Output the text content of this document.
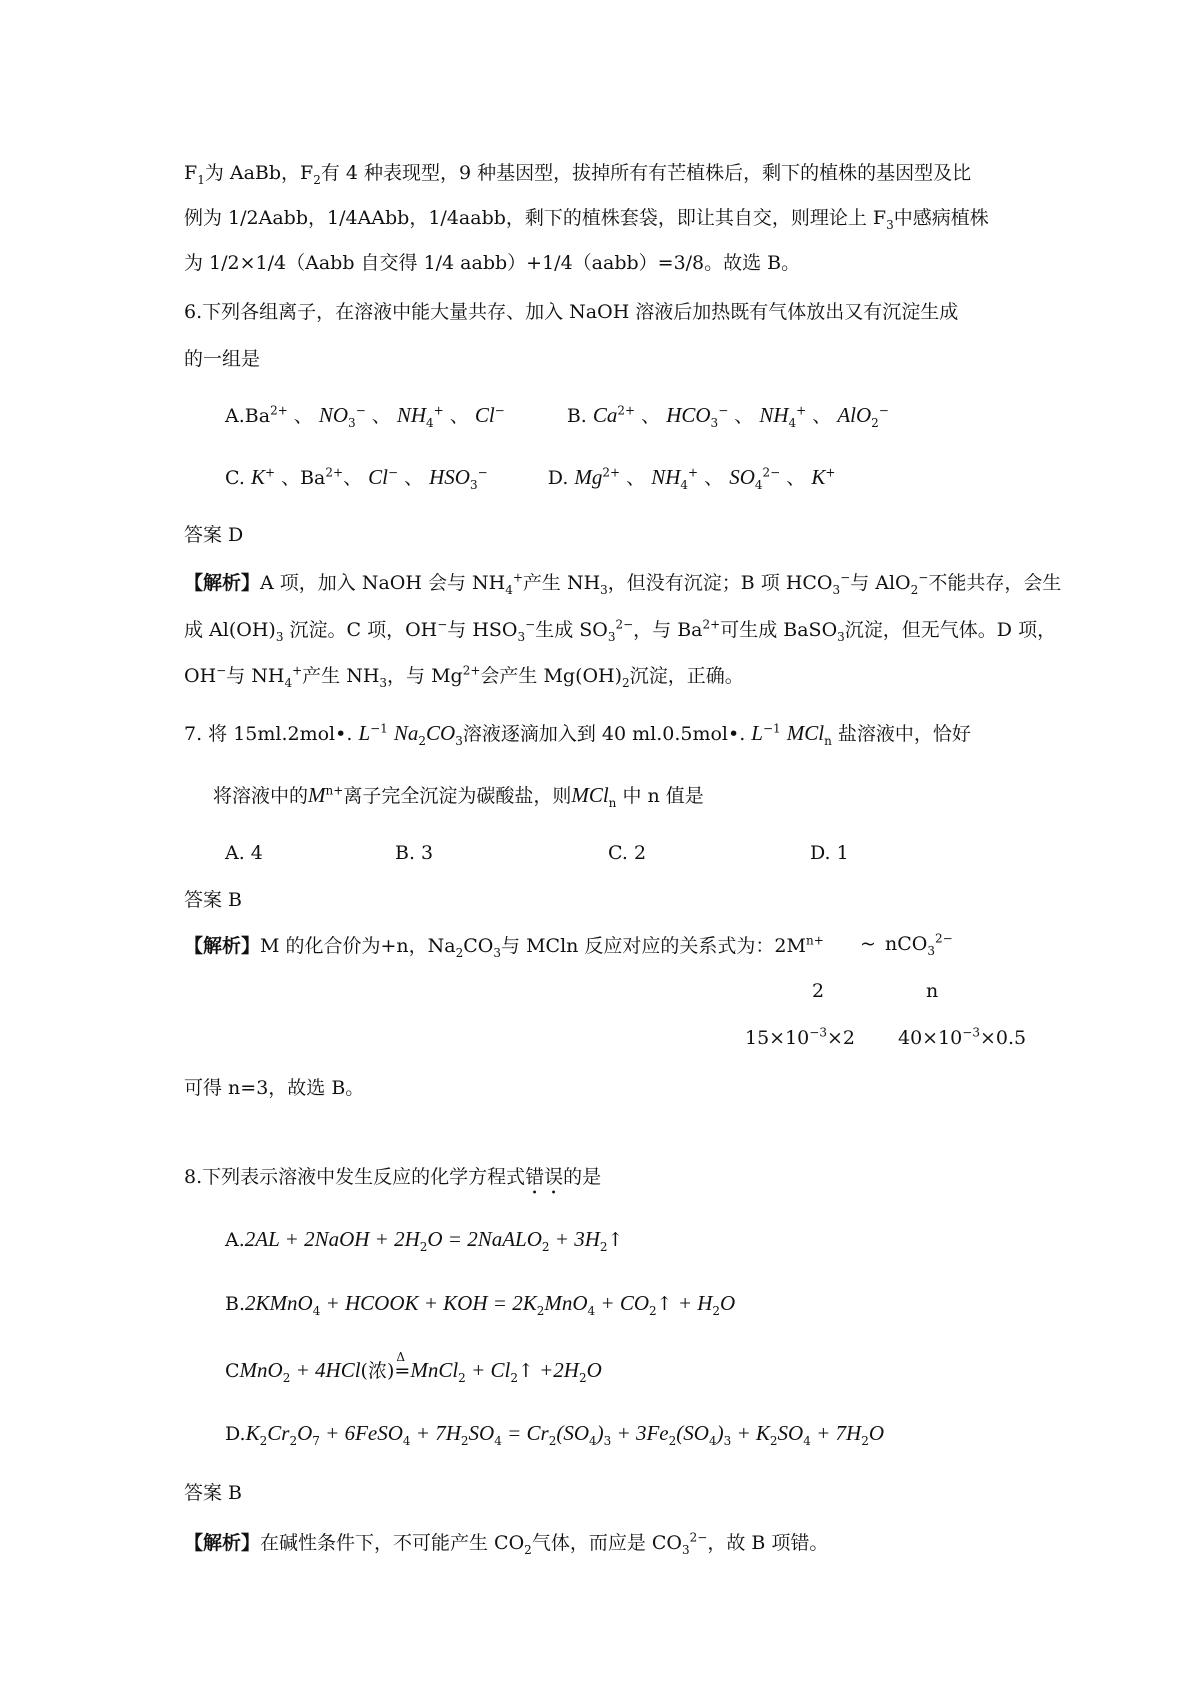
$F_1$为 AaBb，$F_2$有 4 种表现型，9 种基因型，拔掉所有有芒植株后，剩下的植株的基因型及比
例为 1/2Aabb，1/4AAbb，1/4aabb，剩下的植株套袋，即让其自交，则理论上 $F_3$中感病植株
为 1/2×1/4（Aabb 自交得 1/4 aabb）+1/4（aabb）=3/8。故选 B。
6.下列各组离子，在溶液中能大量共存、加入 NaOH 溶液后加热既有气体放出又有沉淀生成
的一组是
$A.Ba^{2+}$ 、 $NO_3^-$ 、 $NH_4^+$ 、 Cl−	B. $Ca^{2+}$ 、 $HCO_3^-$ 、 $NH_4^+$ 、 AlO$_2$−
C. K+ 、$Ba^{2+}$、 Cl− 、 $HSO_3^-$	D. $Mg^{2+}$ 、 $NH_4^+$ 、 $SO_4^{2-}$ 、 K+
答案 D
【解析】A 项，加入 NaOH 会与 $NH_4^+$产生 $NH_3$，但没有沉淀；B 项 $HCO_3^-$与 AlO$_2$−不能共存，会生
成 $Al(OH)_3$ 沉淀。C 项，OH−与 $HSO_3^-$生成 $SO_3^{2-}$，与 $Ba^{2+}$可生成 BaSO$_3$沉淀，但无气体。D 项，
OH−与 $NH_4^+$产生 $NH_3$，与 $Mg^{2+}$会产生 $Mg(OH)_2$沉淀，正确。
7. 将 15ml.2mol•. $L^{-1}$ $Na_2CO_3$溶液逐滴加入到 40 ml.0.5mol•. $L^{-1}$ MCl$_n$ 盐溶液中，恰好
将溶液中的$M^{n+}$离子完全沉淀为碳酸盐，则MCl$_n$ 中 n 值是
A. 4	B. 3	C. 2	D. 1
答案 B
【解析】M 的化合价为+n，$Na_2CO_3$与 MCln 反应对应的关系式为：$2M^{n+}$ ~ nCO$_3^{2-}$
2	n
$15\times 10^{-3}\times 2$ $40\times 10^{-3}\times 0.5$
可得 n=3，故选 B。
8.下列表示溶液中发生反应的化学方程式错误的是
A.2AL + 2NaOH + $2H_2O$ = 2NaALO$_2$ + $3H_2↑$
B.2KMnO$_4$ + HCOOK + KOH = $2K_2MnO_4$ + $CO_2↑ + H_2O$
CMnO$_2$ + 4HCl(浓)
Δ
=MnCl$_2$ + $Cl_2↑ +2H_2O$
$D.K_2Cr_2O_7$ + 6FeSO$_4$ + $7H_2SO_4 = Cr_2(SO_4)_3 + 3Fe_2(SO_4)_3 + K_2SO_4 + 7H_2O$
答案 B
【解析】在碱性条件下，不可能产生 $CO_2$气体，而应是 $CO_3^{2-}$，故 B 项错。
